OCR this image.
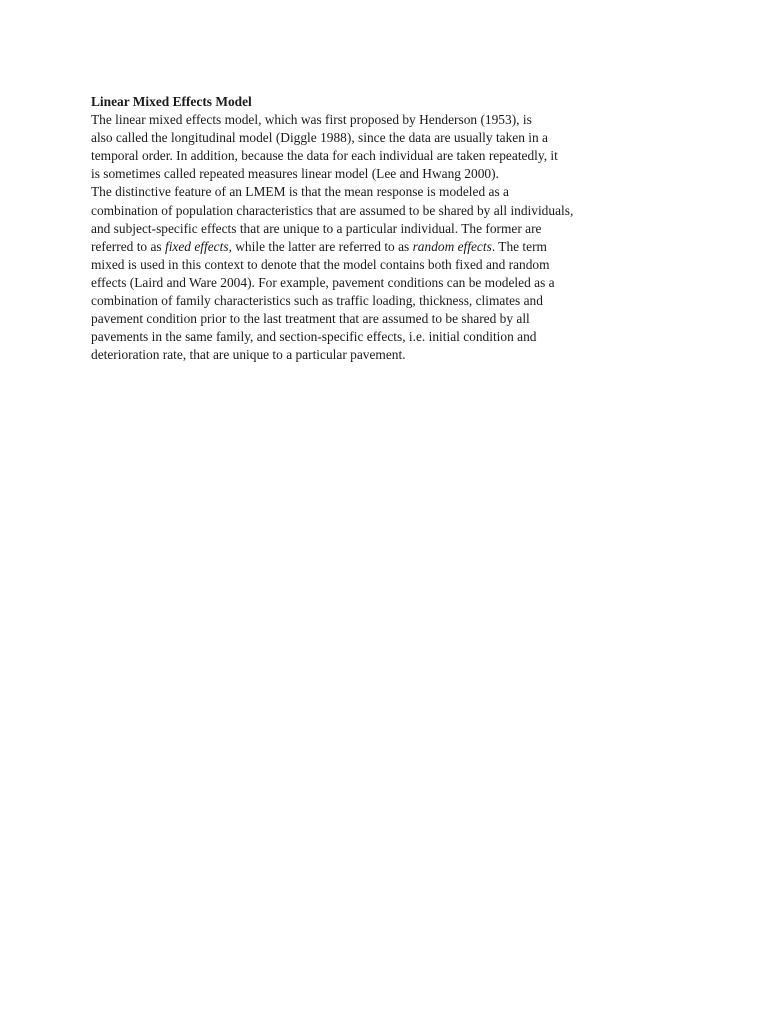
Linear Mixed Effects Model
The linear mixed effects model, which was first proposed by Henderson (1953), is
also called the longitudinal model (Diggle 1988), since the data are usually taken in a
temporal order. In addition, because the data for each individual are taken repeatedly, it
is sometimes called repeated measures linear model (Lee and Hwang 2000).
The distinctive feature of an LMEM is that the mean response is modeled as a
combination of population characteristics that are assumed to be shared by all individuals,
and subject-specific effects that are unique to a particular individual. The former are
referred to as fixed effects, while the latter are referred to as random effects. The term
mixed is used in this context to denote that the model contains both fixed and random
effects (Laird and Ware 2004). For example, pavement conditions can be modeled as a
combination of family characteristics such as traffic loading, thickness, climates and
pavement condition prior to the last treatment that are assumed to be shared by all
pavements in the same family, and section-specific effects, i.e. initial condition and
deterioration rate, that are unique to a particular pavement.
